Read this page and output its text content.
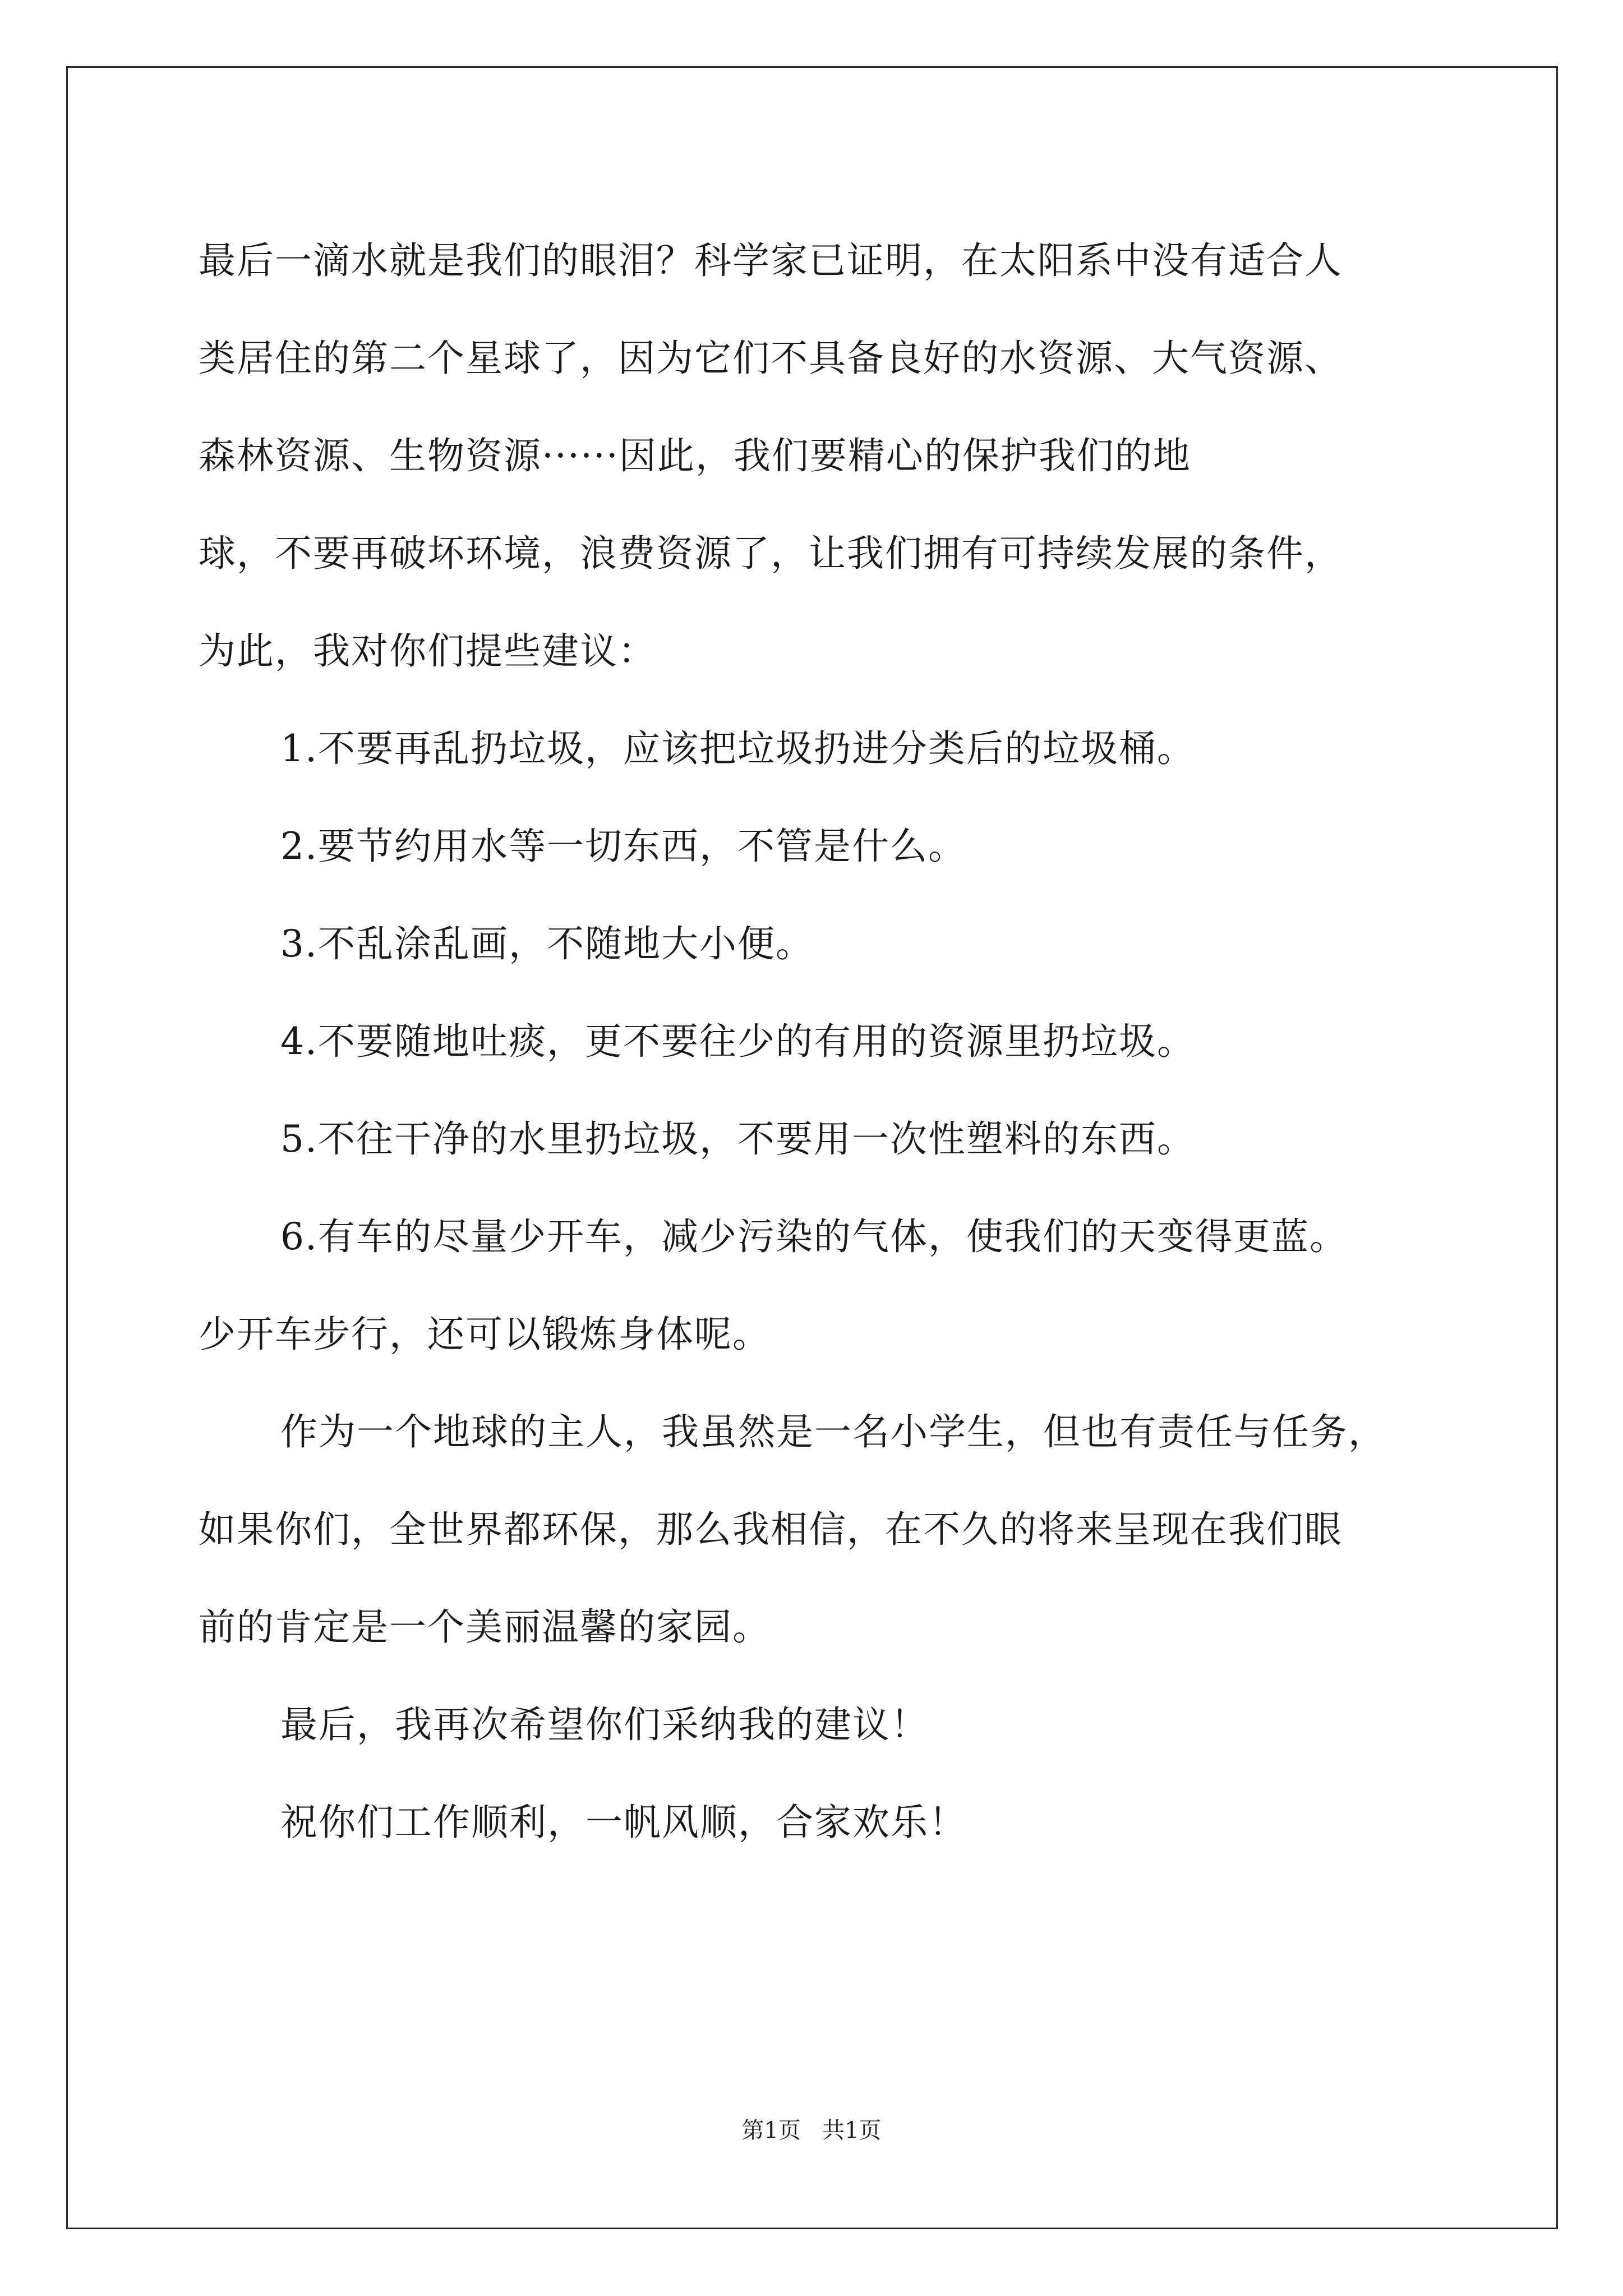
最后一滴水就是我们的眼泪？科学家已证明，在太阳系中没有适合人
类居住的第二个星球了，因为它们不具备良好的水资源、大气资源、
森林资源、生物资源······因此，我们要精心的保护我们的地
球，不要再破坏环境，浪费资源了，让我们拥有可持续发展的条件，
为此，我对你们提些建议：
1.不要再乱扔垃圾，应该把垃圾扔进分类后的垃圾桶。
2.要节约用水等一切东西，不管是什么。
3.不乱涂乱画，不随地大小便。
4.不要随地吐痰，更不要往少的有用的资源里扔垃圾。
5.不往干净的水里扔垃圾，不要用一次性塑料的东西。
6.有车的尽量少开车，减少污染的气体，使我们的天变得更蓝。
少开车步行，还可以锻炼身体呢。
作为一个地球的主人，我虽然是一名小学生，但也有责任与任务，
如果你们，全世界都环保，那么我相信，在不久的将来呈现在我们眼
前的肯定是一个美丽温馨的家园。
最后，我再次希望你们采纳我的建议！
祝你们工作顺利，一帆风顺，合家欢乐！
第1页   共1页
